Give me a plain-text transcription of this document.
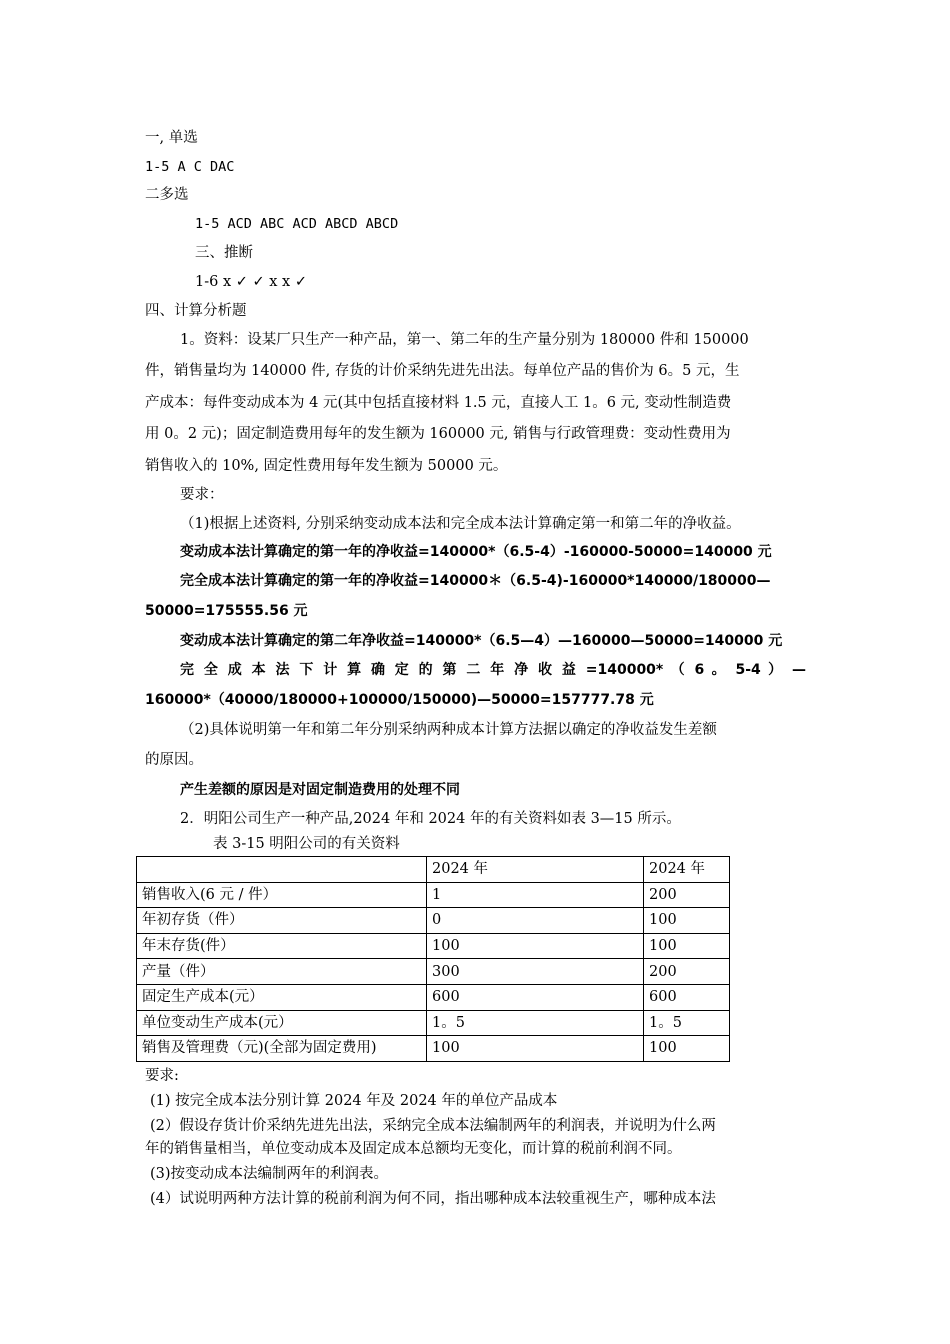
一, 单选
1-5 A C DAC
二多选
1-5 ACD ABC ACD ABCD ABCD
三、推断
1-6 x ✓ ✓ x x ✓
四、计算分析题
1。资料：设某厂只生产一种产品，第一、第二年的生产量分别为 180000 件和 150000
件，销售量均为 140000 件, 存货的计价采纳先进先出法。每单位产品的售价为 6。5 元，生
产成本：每件变动成本为 4 元(其中包括直接材料 1.5 元，直接人工 1。6 元, 变动性制造费
用 0。2 元)；固定制造费用每年的发生额为 160000 元, 销售与行政管理费：变动性费用为
销售收入的 10%, 固定性费用每年发生额为 50000 元。
要求：
（1)根据上述资料, 分别采纳变动成本法和完全成本法计算确定第一和第二年的净收益。
变动成本法计算确定的第一年的净收益=140000*（6.5-4）-160000-50000=140000 元
完全成本法计算确定的第一年的净收益=140000＊（6.5-4)-160000*140000/180000—
50000=175555.56 元
变动成本法计算确定的第二年净收益=140000*（6.5—4）—160000—50000=140000 元
完 全 成 本 法 下 计 算 确 定 的 第 二 年 净 收 益 =140000* （ 6 。 5-4 ） —
160000*（40000/180000+100000/150000)—50000=157777.78 元
（2)具体说明第一年和第二年分别采纳两种成本计算方法据以确定的净收益发生差额
的原因。
产生差额的原因是对固定制造费用的处理不同
2．明阳公司生产一种产品,2024 年和 2024 年的有关资料如表 3—15 所示。
表 3-15 明阳公司的有关资料
	2024 年	2024 年
销售收入(6 元 / 件）	1	200
年初存货（件）	0	100
年末存货(件）	100	100
产量（件）	300	200
固定生产成本(元）	600	600
单位变动生产成本(元）	1。5	1。5
销售及管理费（元)(全部为固定费用)	100	100
要求:
(1) 按完全成本法分别计算 2024 年及 2024 年的单位产品成本
(2）假设存货计价采纳先进先出法，采纳完全成本法编制两年的利润表，并说明为什么两
年的销售量相当，单位变动成本及固定成本总额均无变化，而计算的税前利润不同。
(3)按变动成本法编制两年的利润表。
(4）试说明两种方法计算的税前利润为何不同，指出哪种成本法较重视生产，哪种成本法
